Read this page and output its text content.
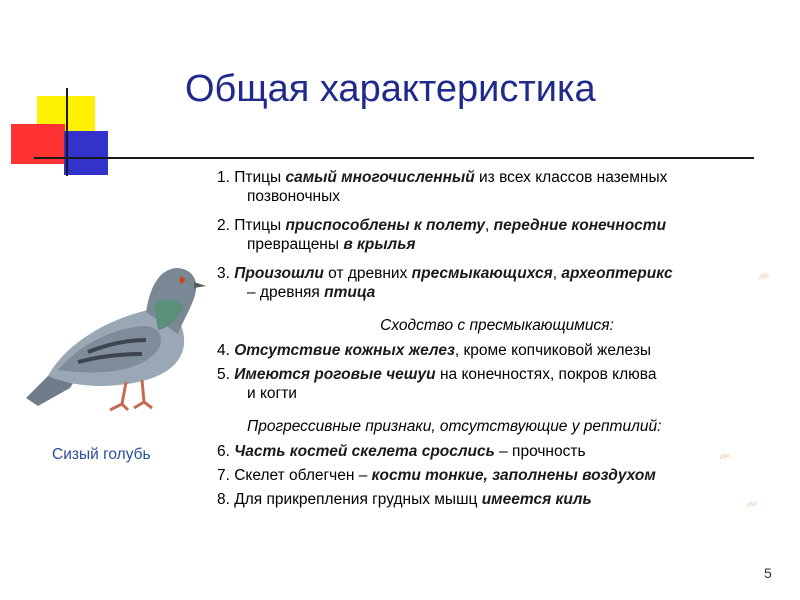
Общая характеристика
Сизый голубь
1. Птицы самый многочисленный из всех классов наземных
позвоночных
2. Птицы приспособлены к полету, передние конечности
превращены в крылья
3. Произошли от древних пресмыкающихся, археоптерикс	ИР
– древняя птица
Сходство с пресмыкающимися:
4. Отсутствие кожных желез, кроме копчиковой железы
5. Имеются роговые чешуи на конечностях, покров клюва
и когти
Прогрессивные признаки, отсутствующие у рептилий:
6. Часть костей скелета срослись – прочность	ИР
7. Скелет облегчен – кости тонкие, заполнены воздухом
8. Для прикрепления грудных мышц имеется киль	ИР
5
